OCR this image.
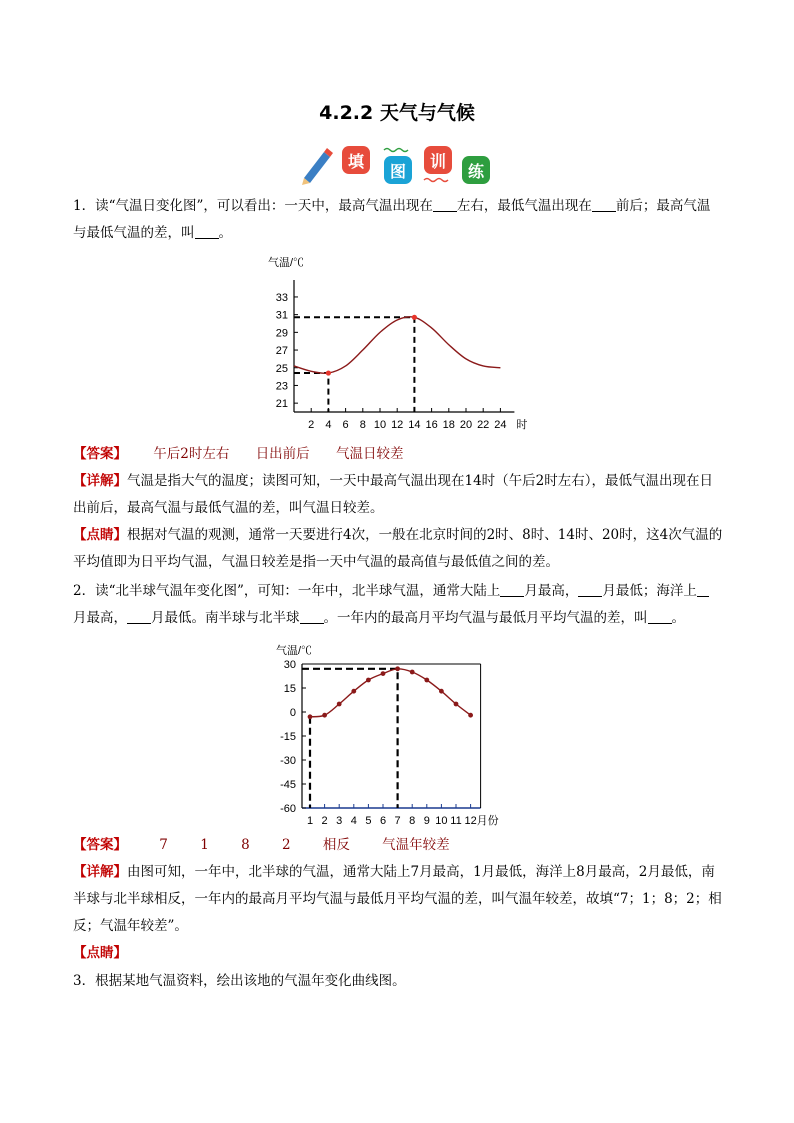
4.2.2 天气与气候
填
图
训
练

1．读“气温日变化图”，可以看出：一天中，最高气温出现在 左右，最低气温出现在 前后；最高气温
与最低气温的差，叫 。

气温/℃
21
23
25
27
29
31
33
2 4 6 8 10 12 14 16 18 20 22 24 时

【答案】 午后2时左右 日出前后 气温日较差

【详解】气温是指大气的温度；读图可知，一天中最高气温出现在14时（午后2时左右），最低气温出现在日出前后，最高气温与最低气温的差，叫气温日较差。

【点睛】根据对气温的观测，通常一天要进行4次，一般在北京时间的2时、8时、14时、20时，这4次气温的平均值即为日平均气温，气温日较差是指一天中气温的最高值与最低值之间的差。

2．读“北半球气温年变化图”，可知：一年中，北半球气温，通常大陆上 月最高， 月最低；海洋上
月最高， 月最低。南半球与北半球 。一年内的最高月平均气温与最低月平均气温的差，叫 。

气温/℃
30
15
0
-15
-30
-45
-60
1 2 3 4 5 6 7 8 9 10 11 12 月份

【答案】 7 1 8 2 相反 气温年较差

【详解】由图可知，一年中，北半球的气温，通常大陆上7月最高，1月最低，海洋上8月最高，2月最低，南半球与北半球相反，一年内的最高月平均气温与最低月平均气温的差，叫气温年较差，故填“7；1；8；2；相反；气温年较差”。

【点睛】

3．根据某地气温资料，绘出该地的气温年变化曲线图。
